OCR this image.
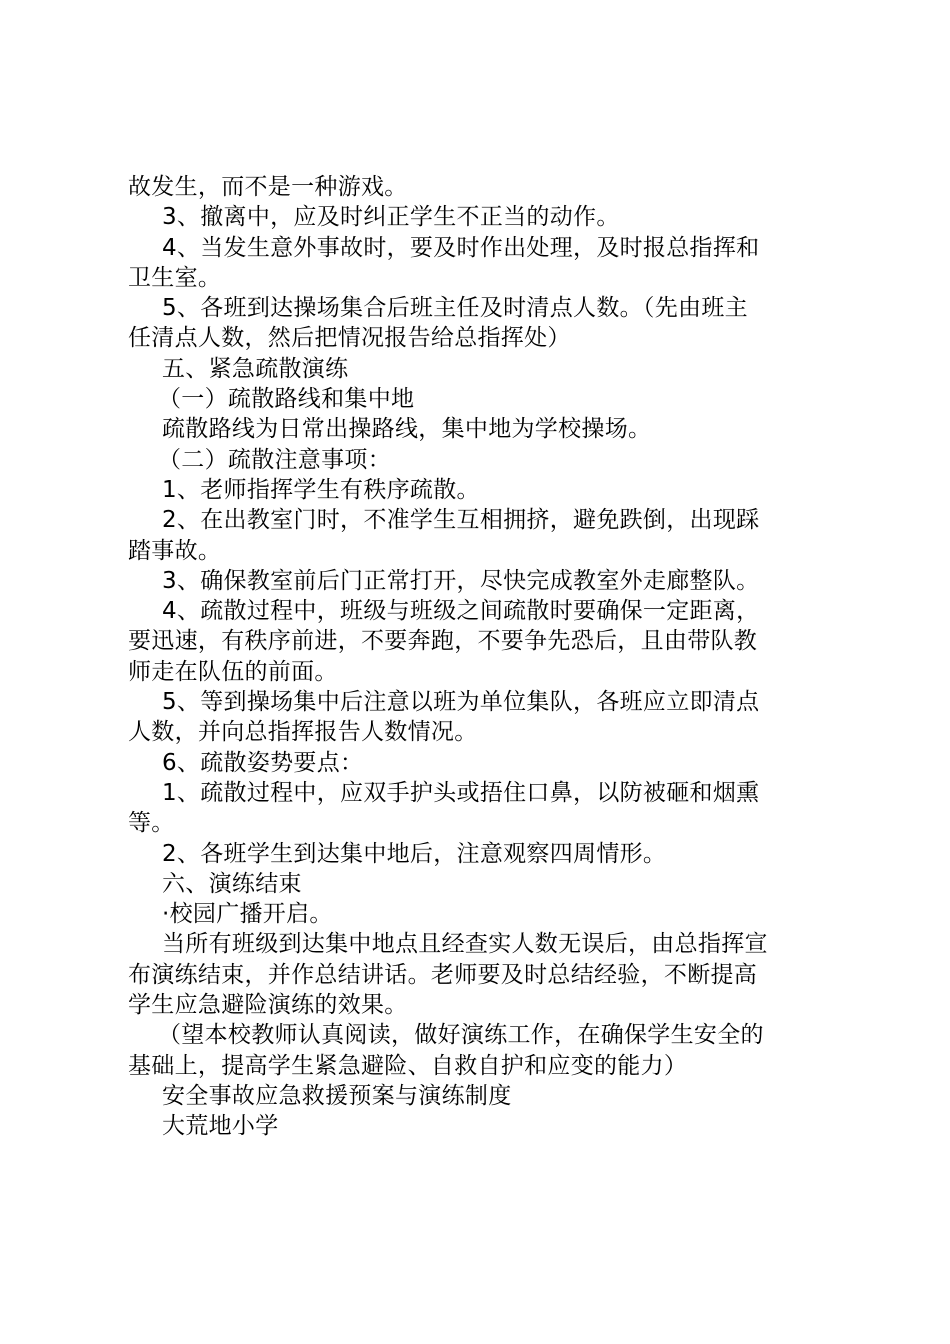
故发生，而不是一种游戏。
3、撤离中，应及时纠正学生不正当的动作。
4、当发生意外事故时，要及时作出处理，及时报总指挥和
卫生室。
5、各班到达操场集合后班主任及时清点人数。（先由班主
任清点人数，然后把情况报告给总指挥处）
五、紧急疏散演练
（一）疏散路线和集中地
疏散路线为日常出操路线，集中地为学校操场。
（二）疏散注意事项：
1、老师指挥学生有秩序疏散。
2、在出教室门时，不准学生互相拥挤，避免跌倒，出现踩
踏事故。
3、确保教室前后门正常打开，尽快完成教室外走廊整队。
4、疏散过程中，班级与班级之间疏散时要确保一定距离，
要迅速，有秩序前进，不要奔跑，不要争先恐后，且由带队教
师走在队伍的前面。
5、等到操场集中后注意以班为单位集队，各班应立即清点
人数，并向总指挥报告人数情况。
6、疏散姿势要点：
1、疏散过程中，应双手护头或捂住口鼻，以防被砸和烟熏
等。
2、各班学生到达集中地后，注意观察四周情形。
六、演练结束
·校园广播开启。
当所有班级到达集中地点且经查实人数无误后，由总指挥宣
布演练结束，并作总结讲话。老师要及时总结经验，不断提高
学生应急避险演练的效果。
（望本校教师认真阅读，做好演练工作，在确保学生安全的
基础上，提高学生紧急避险、自救自护和应变的能力）
安全事故应急救援预案与演练制度
大荒地小学
